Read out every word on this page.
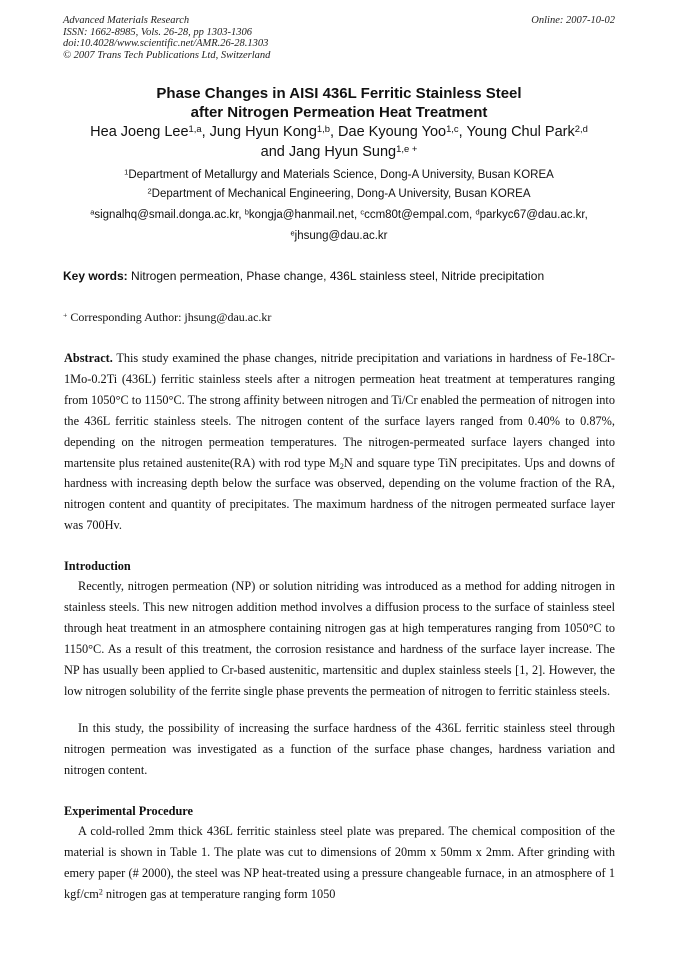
Advanced Materials Research
ISSN: 1662-8985, Vols. 26-28, pp 1303-1306
doi:10.4028/www.scientific.net/AMR.26-28.1303
© 2007 Trans Tech Publications Ltd, Switzerland
Online: 2007-10-02
Phase Changes in AISI 436L Ferritic Stainless Steel
after Nitrogen Permeation Heat Treatment
Hea Joeng Lee$^{1,a}$, Jung Hyun Kong$^{1,b}$, Dae Kyoung Yoo$^{1,c}$, Young Chul Park$^{2,d}$
and Jang Hyun Sung$^{1,e +}$
$^1$Department of Metallurgy and Materials Science, Dong-A University, Busan KOREA
$^2$Department of Mechanical Engineering, Dong-A University, Busan KOREA
$^a$signalhq@smail.donga.ac.kr, $^b$kongja@hanmail.net, $^c$ccm80t@empal.com, $^d$parkyc67@dau.ac.kr,
$^e$jhsung@dau.ac.kr
Key words: Nitrogen permeation, Phase change, 436L stainless steel, Nitride precipitation
+ Corresponding Author: jhsung@dau.ac.kr
Abstract. This study examined the phase changes, nitride precipitation and variations in hardness of Fe-18Cr-1Mo-0.2Ti (436L) ferritic stainless steels after a nitrogen permeation heat treatment at temperatures ranging from 1050°C to 1150°C. The strong affinity between nitrogen and Ti/Cr enabled the permeation of nitrogen into the 436L ferritic stainless steels. The nitrogen content of the surface layers ranged from 0.40% to 0.87%, depending on the nitrogen permeation temperatures. The nitrogen-permeated surface layers changed into martensite plus retained austenite(RA) with rod type $M_2N$ and square type TiN precipitates. Ups and downs of hardness with increasing depth below the surface was observed, depending on the volume fraction of the RA, nitrogen content and quantity of precipitates. The maximum hardness of the nitrogen permeated surface layer was 700Hv.
Introduction
Recently, nitrogen permeation (NP) or solution nitriding was introduced as a method for adding nitrogen in stainless steels. This new nitrogen addition method involves a diffusion process to the surface of stainless steel through heat treatment in an atmosphere containing nitrogen gas at high temperatures ranging from 1050°C to 1150°C. As a result of this treatment, the corrosion resistance and hardness of the surface layer increase. The NP has usually been applied to Cr-based austenitic, martensitic and duplex stainless steels [1, 2]. However, the low nitrogen solubility of the ferrite single phase prevents the permeation of nitrogen to ferritic stainless steels.
In this study, the possibility of increasing the surface hardness of the 436L ferritic stainless steel through nitrogen permeation was investigated as a function of the surface phase changes, hardness variation and nitrogen content.
Experimental Procedure
A cold-rolled 2mm thick 436L ferritic stainless steel plate was prepared. The chemical composition of the material is shown in Table 1. The plate was cut to dimensions of 20mm x 50mm x 2mm. After grinding with emery paper (# 2000), the steel was NP heat-treated using a pressure changeable furnace, in an atmosphere of 1 kgf/$cm^2$ nitrogen gas at temperature ranging form 1050
